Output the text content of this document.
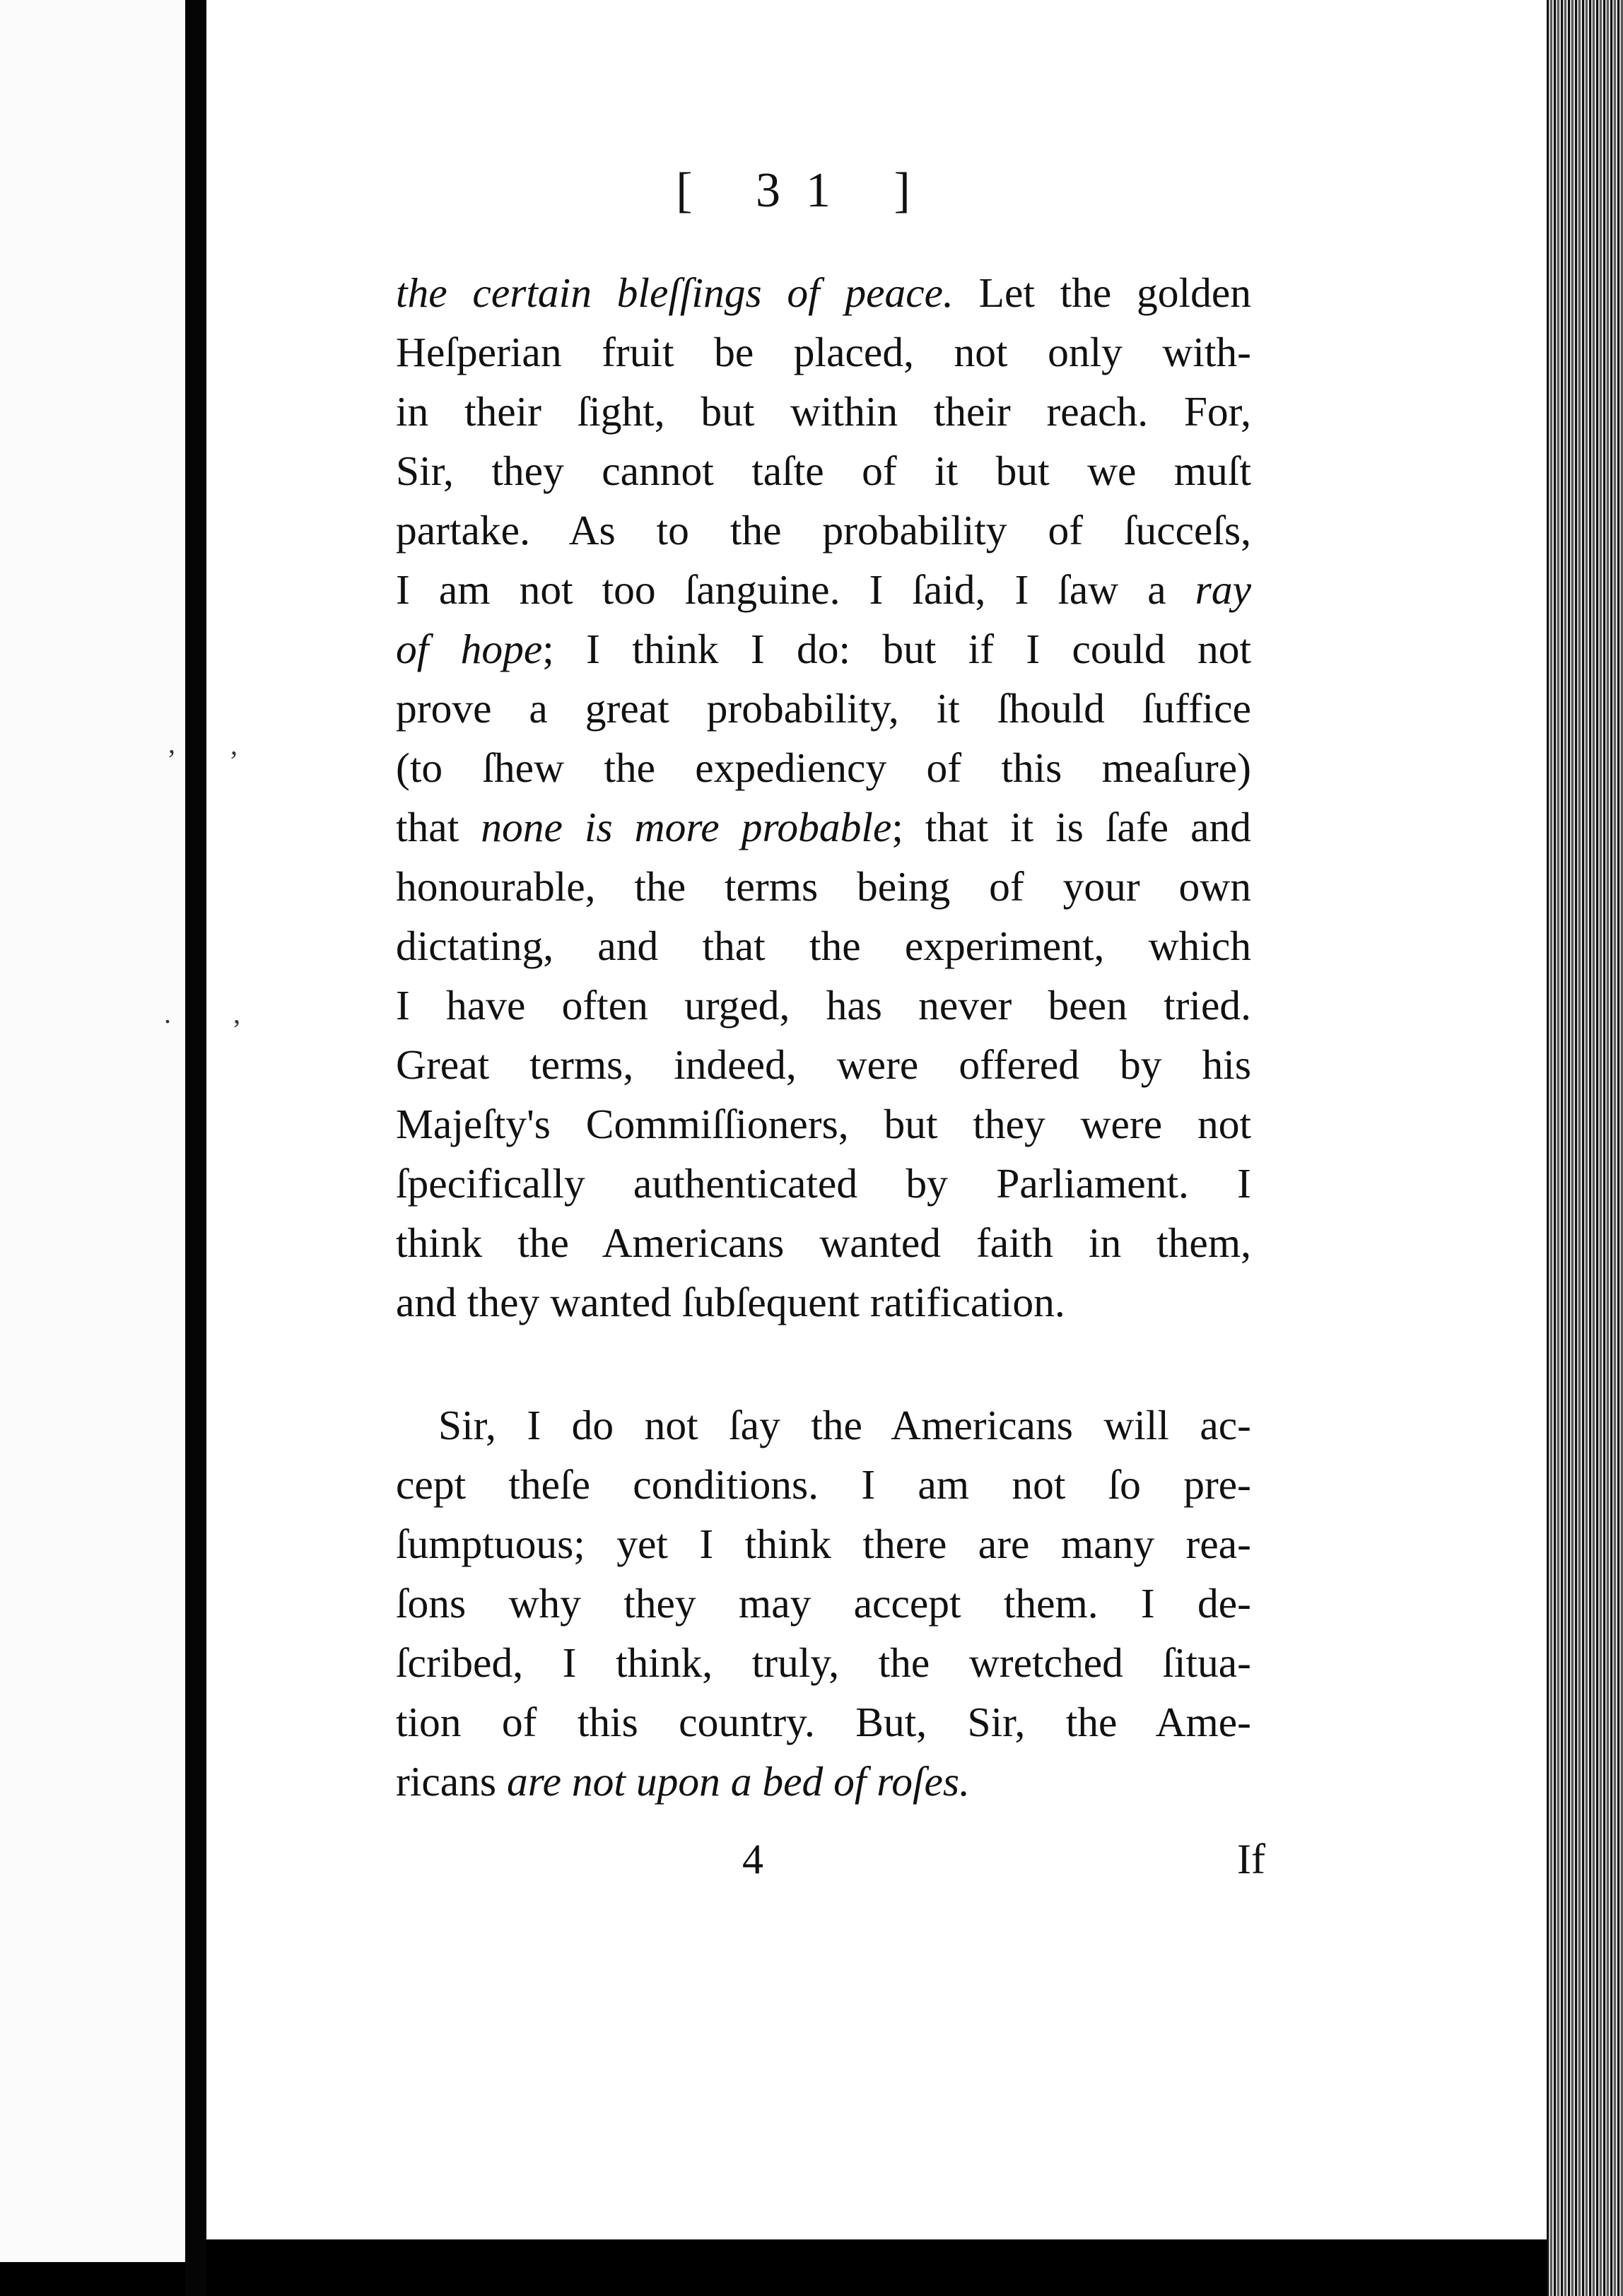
, ,
. ,
[ 31 ]
the certain bleſſings of peace. Let the golden
Heſperian fruit be placed, not only with-
in their ſight, but within their reach. For,
Sir, they cannot taſte of it but we muſt
partake. As to the probability of ſucceſs,
I am not too ſanguine. I ſaid, I ſaw a ray
of hope; I think I do: but if I could not
prove a great probability, it ſhould ſuffice
(to ſhew the expediency of this meaſure)
that none is more probable; that it is ſafe and
honourable, the terms being of your own
dictating, and that the experiment, which
I have often urged, has never been tried.
Great terms, indeed, were offered by his
Majeſty's Commiſſioners, but they were not
ſpecifically authenticated by Parliament. I
think the Americans wanted faith in them,
and they wanted ſubſequent ratification.
Sir, I do not ſay the Americans will ac-
cept theſe conditions. I am not ſo pre-
ſumptuous; yet I think there are many rea-
ſons why they may accept them. I de-
ſcribed, I think, truly, the wretched ſitua-
tion of this country. But, Sir, the Ame-
ricans are not upon a bed of roſes.
4	If
